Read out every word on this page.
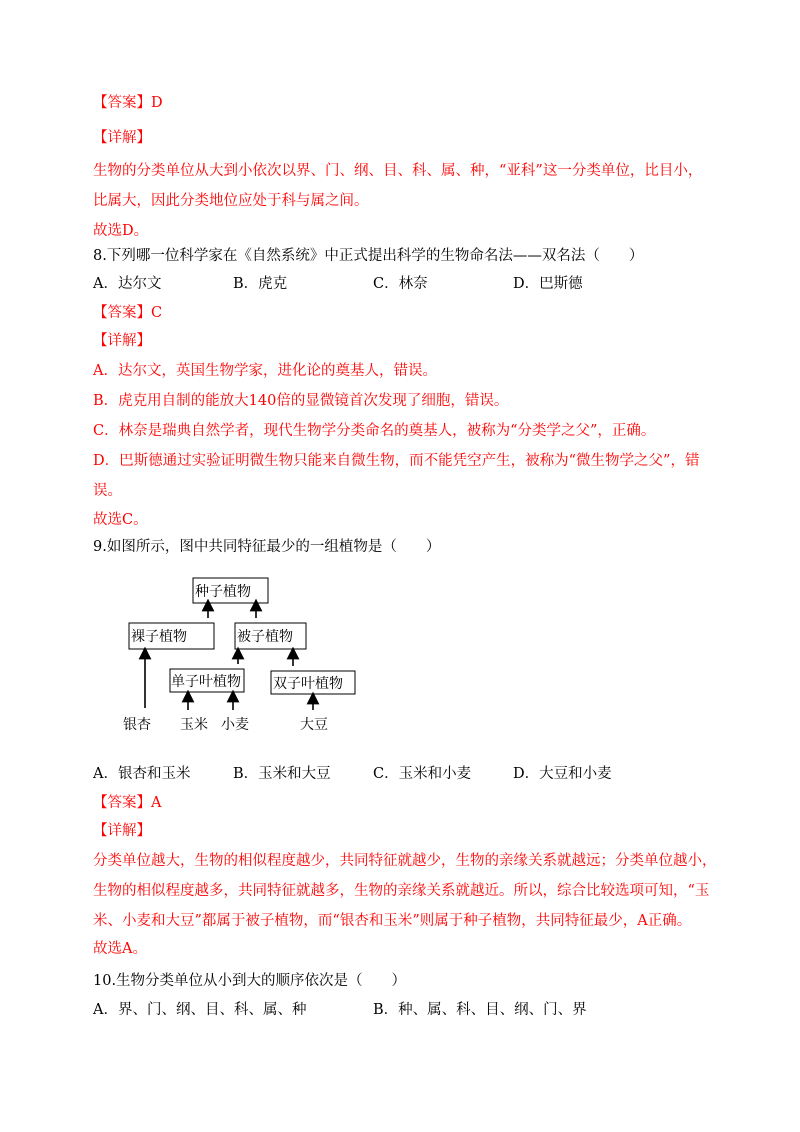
【答案】D
【详解】
生物的分类单位从大到小依次以界、门、纲、目、科、属、种，“亚科”这一分类单位，比目小，
比属大，因此分类地位应处于科与属之间。
故选D。
8.下列哪一位科学家在《自然系统》中正式提出科学的生物命名法——双名法（　　）
A．达尔文	B．虎克	C．林奈	D．巴斯德
【答案】C
【详解】
A．达尔文，英国生物学家，进化论的奠基人，错误。
B．虎克用自制的能放大140倍的显微镜首次发现了细胞，错误。
C．林奈是瑞典自然学者，现代生物学分类命名的奠基人，被称为“分类学之父”，正确。
D．巴斯德通过实验证明微生物只能来自微生物，而不能凭空产生，被称为“微生物学之父”，错
误。
故选C。
9.如图所示，图中共同特征最少的一组植物是（　　）
种子植物
裸子植物	被子植物
单子叶植物 双子叶植物
银杏 玉米 小麦	大豆
A．银杏和玉米	B．玉米和大豆	C．玉米和小麦	D．大豆和小麦
【答案】A
【详解】
分类单位越大，生物的相似程度越少，共同特征就越少，生物的亲缘关系就越远；分类单位越小，
生物的相似程度越多，共同特征就越多，生物的亲缘关系就越近。所以，综合比较选项可知，“玉
米、小麦和大豆”都属于被子植物，而“银杏和玉米”则属于种子植物，共同特征最少，A正确。
故选A。
10.生物分类单位从小到大的顺序依次是（　　）
A．界、门、纲、目、科、属、种	B．种、属、科、目、纲、门、界
